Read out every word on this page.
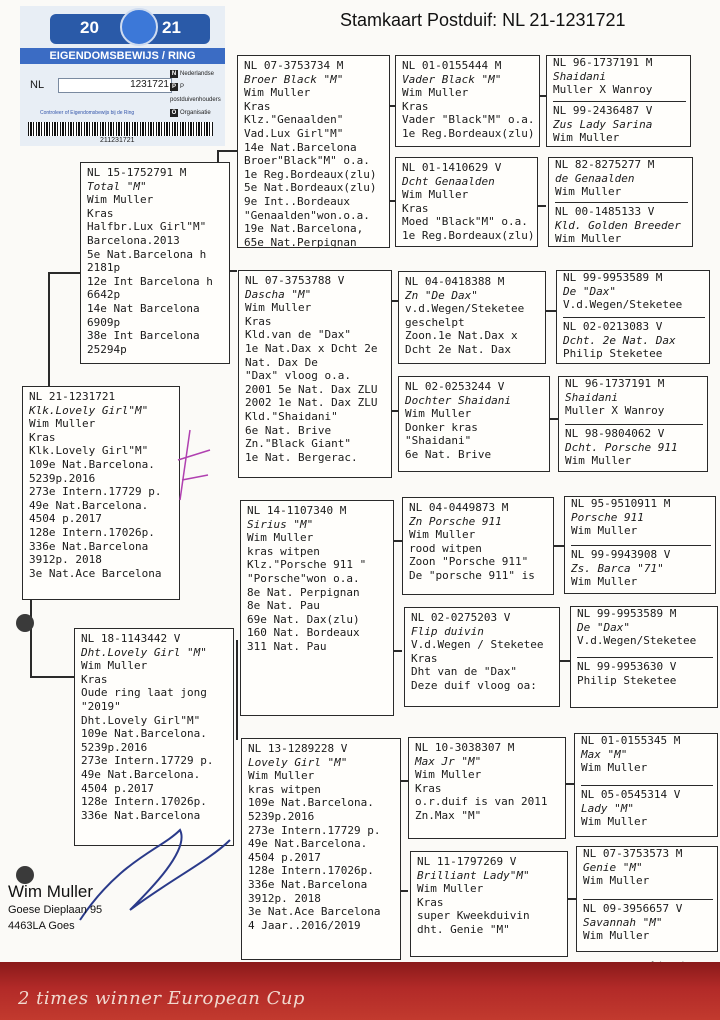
Stamkaart Postduif: NL 21-1231721
20	21
EIGENDOMSBEWIJS / RING
NL	1231721
N Nederlandse
P P postduivenhouders
O Organisatie
Controleer of Eigendomsbewijs bij de Ring
211231721
NL 15-1752791 M
Total "M"
Wim Muller
Kras
Halfbr.Lux Girl"M"
Barcelona.2013
5e Nat.Barcelona h
2181p
12e Int Barcelona h
6642p
14e Nat Barcelona
6909p
38e Int Barcelona
25294p
NL 21-1231721
Klk.Lovely Girl"M"
Wim Muller
Kras
Klk.Lovely Girl"M"
109e Nat.Barcelona.
5239p.2016
273e Intern.17729 p.
49e Nat.Barcelona.
4504 p.2017
128e Intern.17026p.
336e Nat.Barcelona
3912p. 2018
3e Nat.Ace Barcelona
NL 18-1143442 V
Dht.Lovely Girl "M"
Wim Muller
Kras
Oude ring laat jong
"2019"
Dht.Lovely Girl"M"
109e Nat.Barcelona.
5239p.2016
273e Intern.17729 p.
49e Nat.Barcelona.
4504 p.2017
128e Intern.17026p.
336e Nat.Barcelona
NL 07-3753734 M
Broer Black "M"
Wim Muller
Kras
Klz."Genaalden"
Vad.Lux Girl"M"
14e Nat.Barcelona
Broer"Black"M" o.a.
1e Reg.Bordeaux(zlu)
5e Nat.Bordeaux(zlu)
9e Int..Bordeaux
"Genaalden"won.o.a.
19e Nat.Barcelona,
65e Nat.Perpignan
NL 07-3753788 V
Dascha "M"
Wim Muller
Kras
Kld.van de "Dax"
1e Nat.Dax x Dcht 2e
Nat. Dax De
"Dax" vloog o.a.
2001 5e Nat. Dax ZLU
2002 1e Nat. Dax ZLU
Kld."Shaidani"
6e Nat. Brive
Zn."Black Giant"
1e Nat. Bergerac.
NL 14-1107340 M
Sirius "M"
Wim Muller
kras witpen
Klz."Porsche 911 "
"Porsche"won o.a.
8e Nat. Perpignan
8e Nat. Pau
69e Nat. Dax(zlu)
160 Nat. Bordeaux
311 Nat. Pau
NL 13-1289228 V
Lovely Girl "M"
Wim Muller
kras witpen
109e Nat.Barcelona.
5239p.2016
273e Intern.17729 p.
49e Nat.Barcelona.
4504 p.2017
128e Intern.17026p.
336e Nat.Barcelona
3912p. 2018
3e Nat.Ace Barcelona
4 Jaar..2016/2019
NL 01-0155444 M
Vader Black "M"
Wim Muller
Kras
Vader "Black"M" o.a.
1e Reg.Bordeaux(zlu)
NL 01-1410629 V
Dcht Genaalden
Wim Muller
Kras
Moed "Black"M" o.a.
1e Reg.Bordeaux(zlu)
NL 04-0418388 M
Zn "De Dax"
v.d.Wegen/Steketee
geschelpt
Zoon.1e Nat.Dax x
Dcht 2e Nat. Dax
NL 02-0253244 V
Dochter Shaidani
Wim Muller
Donker kras
"Shaidani"
6e Nat. Brive
NL 04-0449873 M
Zn Porsche 911
Wim Muller
rood witpen
Zoon "Porsche 911"
De "porsche 911" is
NL 02-0275203 V
Flip duivin
V.d.Wegen / Steketee
Kras
Dht van de "Dax"
Deze duif vloog oa:
NL 10-3038307 M
Max Jr "M"
Wim Muller
Kras
o.r.duif is van 2011
Zn.Max "M"
NL 11-1797269 V
Brilliant Lady"M"
Wim Muller
Kras
super Kweekduivin
dht. Genie "M"
NL 96-1737191 M
Shaidani
Muller X Wanroy
NL 99-2436487 V
Zus Lady Sarina
Wim Muller
NL 82-8275277 M
de Genaalden
Wim Muller
NL 00-1485133 V
Kld. Golden Breeder
Wim Muller
NL 99-9953589 M
De "Dax"
V.d.Wegen/Steketee
NL 02-0213083 V
Dcht. 2e Nat. Dax
Philip Steketee
NL 96-1737191 M
Shaidani
Muller X Wanroy
NL 98-9804062 V
Dcht. Porsche 911
Wim Muller
NL 95-9510911 M
Porsche 911
Wim Muller
NL 99-9943908 V
Zs. Barca "71"
Wim Muller
NL 99-9953589 M
De "Dax"
V.d.Wegen/Steketee
NL 99-9953630 V
Philip Steketee
NL 01-0155345 M
Max "M"
Wim Muller
NL 05-0545314 V
Lady "M"
Wim Muller
NL 07-3753573 M
Genie "M"
Wim Muller
NL 09-3956657 V
Savannah "M"
Wim Muller
Wim Muller
Goese Dieplaan 95
4463LA Goes
2 times winner European Cup
